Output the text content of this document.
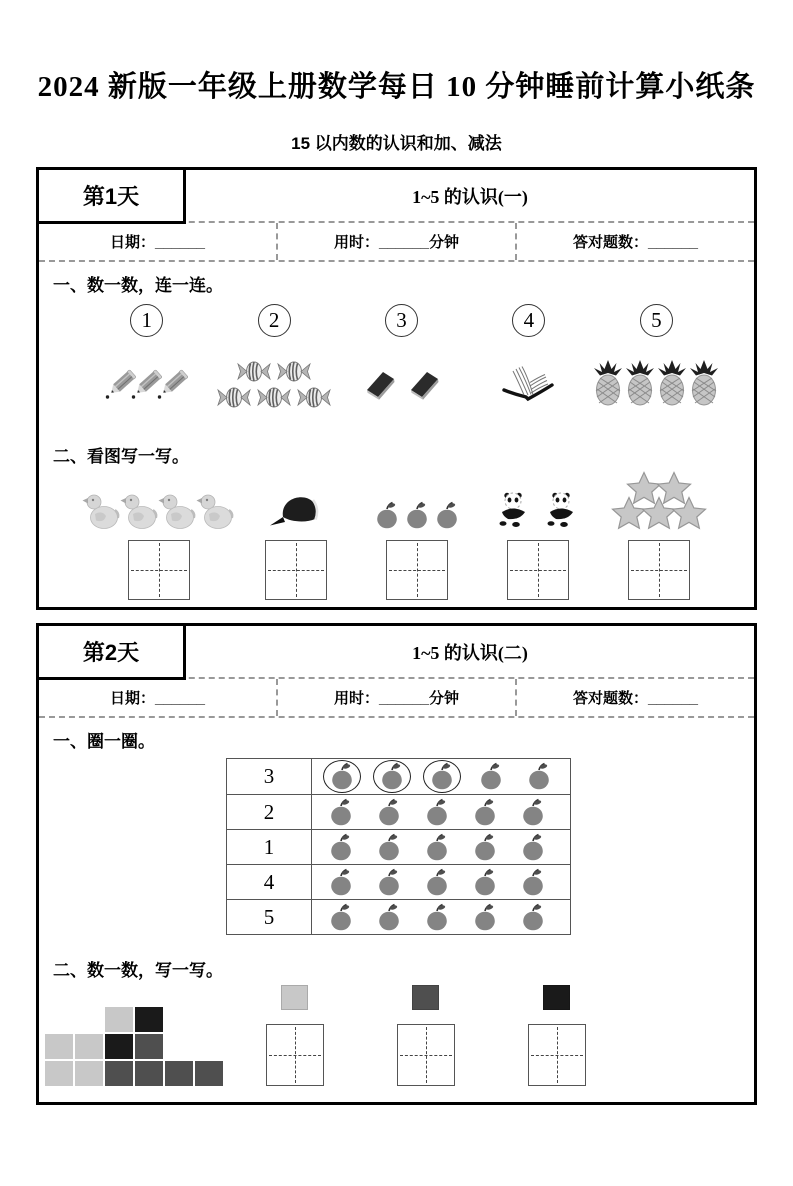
2024 新版一年级上册数学每日 10 分钟睡前计算小纸条
15 以内数的认识和加、减法
第1天	1~5 的认识(一)
日期：______	用时：______分钟	答对题数：______
一、数一数，连一连。
1	2	3	4	5
二、看图写一写。
第2天	1~5 的认识(二)
日期：______	用时：______分钟	答对题数：______
一、圈一圈。
3	

2	

1	

4	

5	
二、数一数，写一写。
